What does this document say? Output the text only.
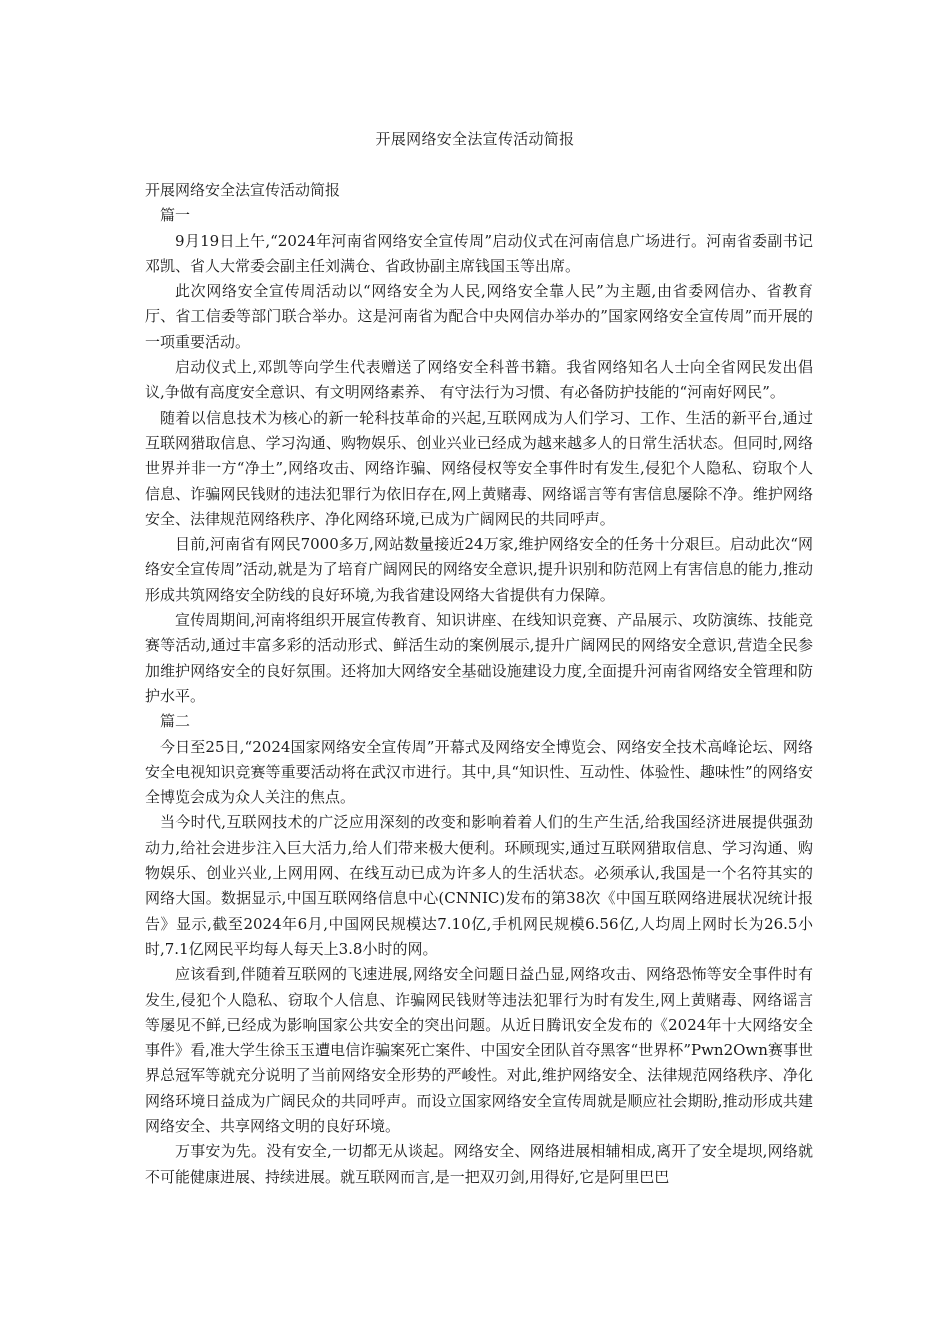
开展网络安全法宣传活动简报

开展网络安全法宣传活动简报

篇一

9月19日上午,“2024年河南省网络安全宣传周”启动仪式在河南信息广场进行。河南省委副书记邓凯、省人大常委会副主任刘满仓、省政协副主席钱国玉等出席。

此次网络安全宣传周活动以“网络安全为人民,网络安全靠人民”为主题,由省委网信办、省教育厅、省工信委等部门联合举办。这是河南省为配合中央网信办举办的”国家网络安全宣传周”而开展的一项重要活动。

启动仪式上,邓凯等向学生代表赠送了网络安全科普书籍。我省网络知名人士向全省网民发出倡议,争做有高度安全意识、有文明网络素养、 有守法行为习惯、有必备防护技能的“河南好网民”。

随着以信息技术为核心的新一轮科技革命的兴起,互联网成为人们学习、工作、生活的新平台,通过互联网猎取信息、学习沟通、购物娱乐、创业兴业已经成为越来越多人的日常生活状态。但同时,网络世界并非一方“净土”,网络攻击、网络诈骗、网络侵权等安全事件时有发生,侵犯个人隐私、窃取个人信息、诈骗网民钱财的违法犯罪行为依旧存在,网上黄赌毒、网络谣言等有害信息屡除不净。维护网络安全、法律规范网络秩序、净化网络环境,已成为广阔网民的共同呼声。

目前,河南省有网民7000多万,网站数量接近24万家,维护网络安全的任务十分艰巨。启动此次“网络安全宣传周”活动,就是为了培育广阔网民的网络安全意识,提升识别和防范网上有害信息的能力,推动形成共筑网络安全防线的良好环境,为我省建设网络大省提供有力保障。

宣传周期间,河南将组织开展宣传教育、知识讲座、在线知识竞赛、产品展示、攻防演练、技能竞赛等活动,通过丰富多彩的活动形式、鲜活生动的案例展示,提升广阔网民的网络安全意识,营造全民参加维护网络安全的良好氛围。还将加大网络安全基础设施建设力度,全面提升河南省网络安全管理和防护水平。

篇二

今日至25日,“2024国家网络安全宣传周”开幕式及网络安全博览会、网络安全技术高峰论坛、网络安全电视知识竞赛等重要活动将在武汉市进行。其中,具“知识性、互动性、体验性、趣味性”的网络安全博览会成为众人关注的焦点。

当今时代,互联网技术的广泛应用深刻的改变和影响着着人们的生产生活,给我国经济进展提供强劲动力,给社会进步注入巨大活力,给人们带来极大便利。环顾现实,通过互联网猎取信息、学习沟通、购物娱乐、创业兴业,上网用网、在线互动已成为许多人的生活状态。必须承认,我国是一个名符其实的网络大国。数据显示,中国互联网络信息中心(CNNIC)发布的第38次《中国互联网络进展状况统计报告》显示,截至2024年6月,中国网民规模达7.10亿,手机网民规模6.56亿,人均周上网时长为26.5小时,7.1亿网民平均每人每天上3.8小时的网。

应该看到,伴随着互联网的飞速进展,网络安全问题日益凸显,网络攻击、网络恐怖等安全事件时有发生,侵犯个人隐私、窃取个人信息、诈骗网民钱财等违法犯罪行为时有发生,网上黄赌毒、网络谣言等屡见不鲜,已经成为影响国家公共安全的突出问题。从近日腾讯安全发布的《2024年十大网络安全事件》看,准大学生徐玉玉遭电信诈骗案死亡案件、中国安全团队首夺黑客“世界杯”Pwn2Own赛事世界总冠军等就充分说明了当前网络安全形势的严峻性。对此,维护网络安全、法律规范网络秩序、净化网络环境日益成为广阔民众的共同呼声。而设立国家网络安全宣传周就是顺应社会期盼,推动形成共建网络安全、共享网络文明的良好环境。

万事安为先。没有安全,一切都无从谈起。网络安全、网络进展相辅相成,离开了安全堤坝,网络就不可能健康进展、持续进展。就互联网而言,是一把双刃剑,用得好,它是阿里巴巴
